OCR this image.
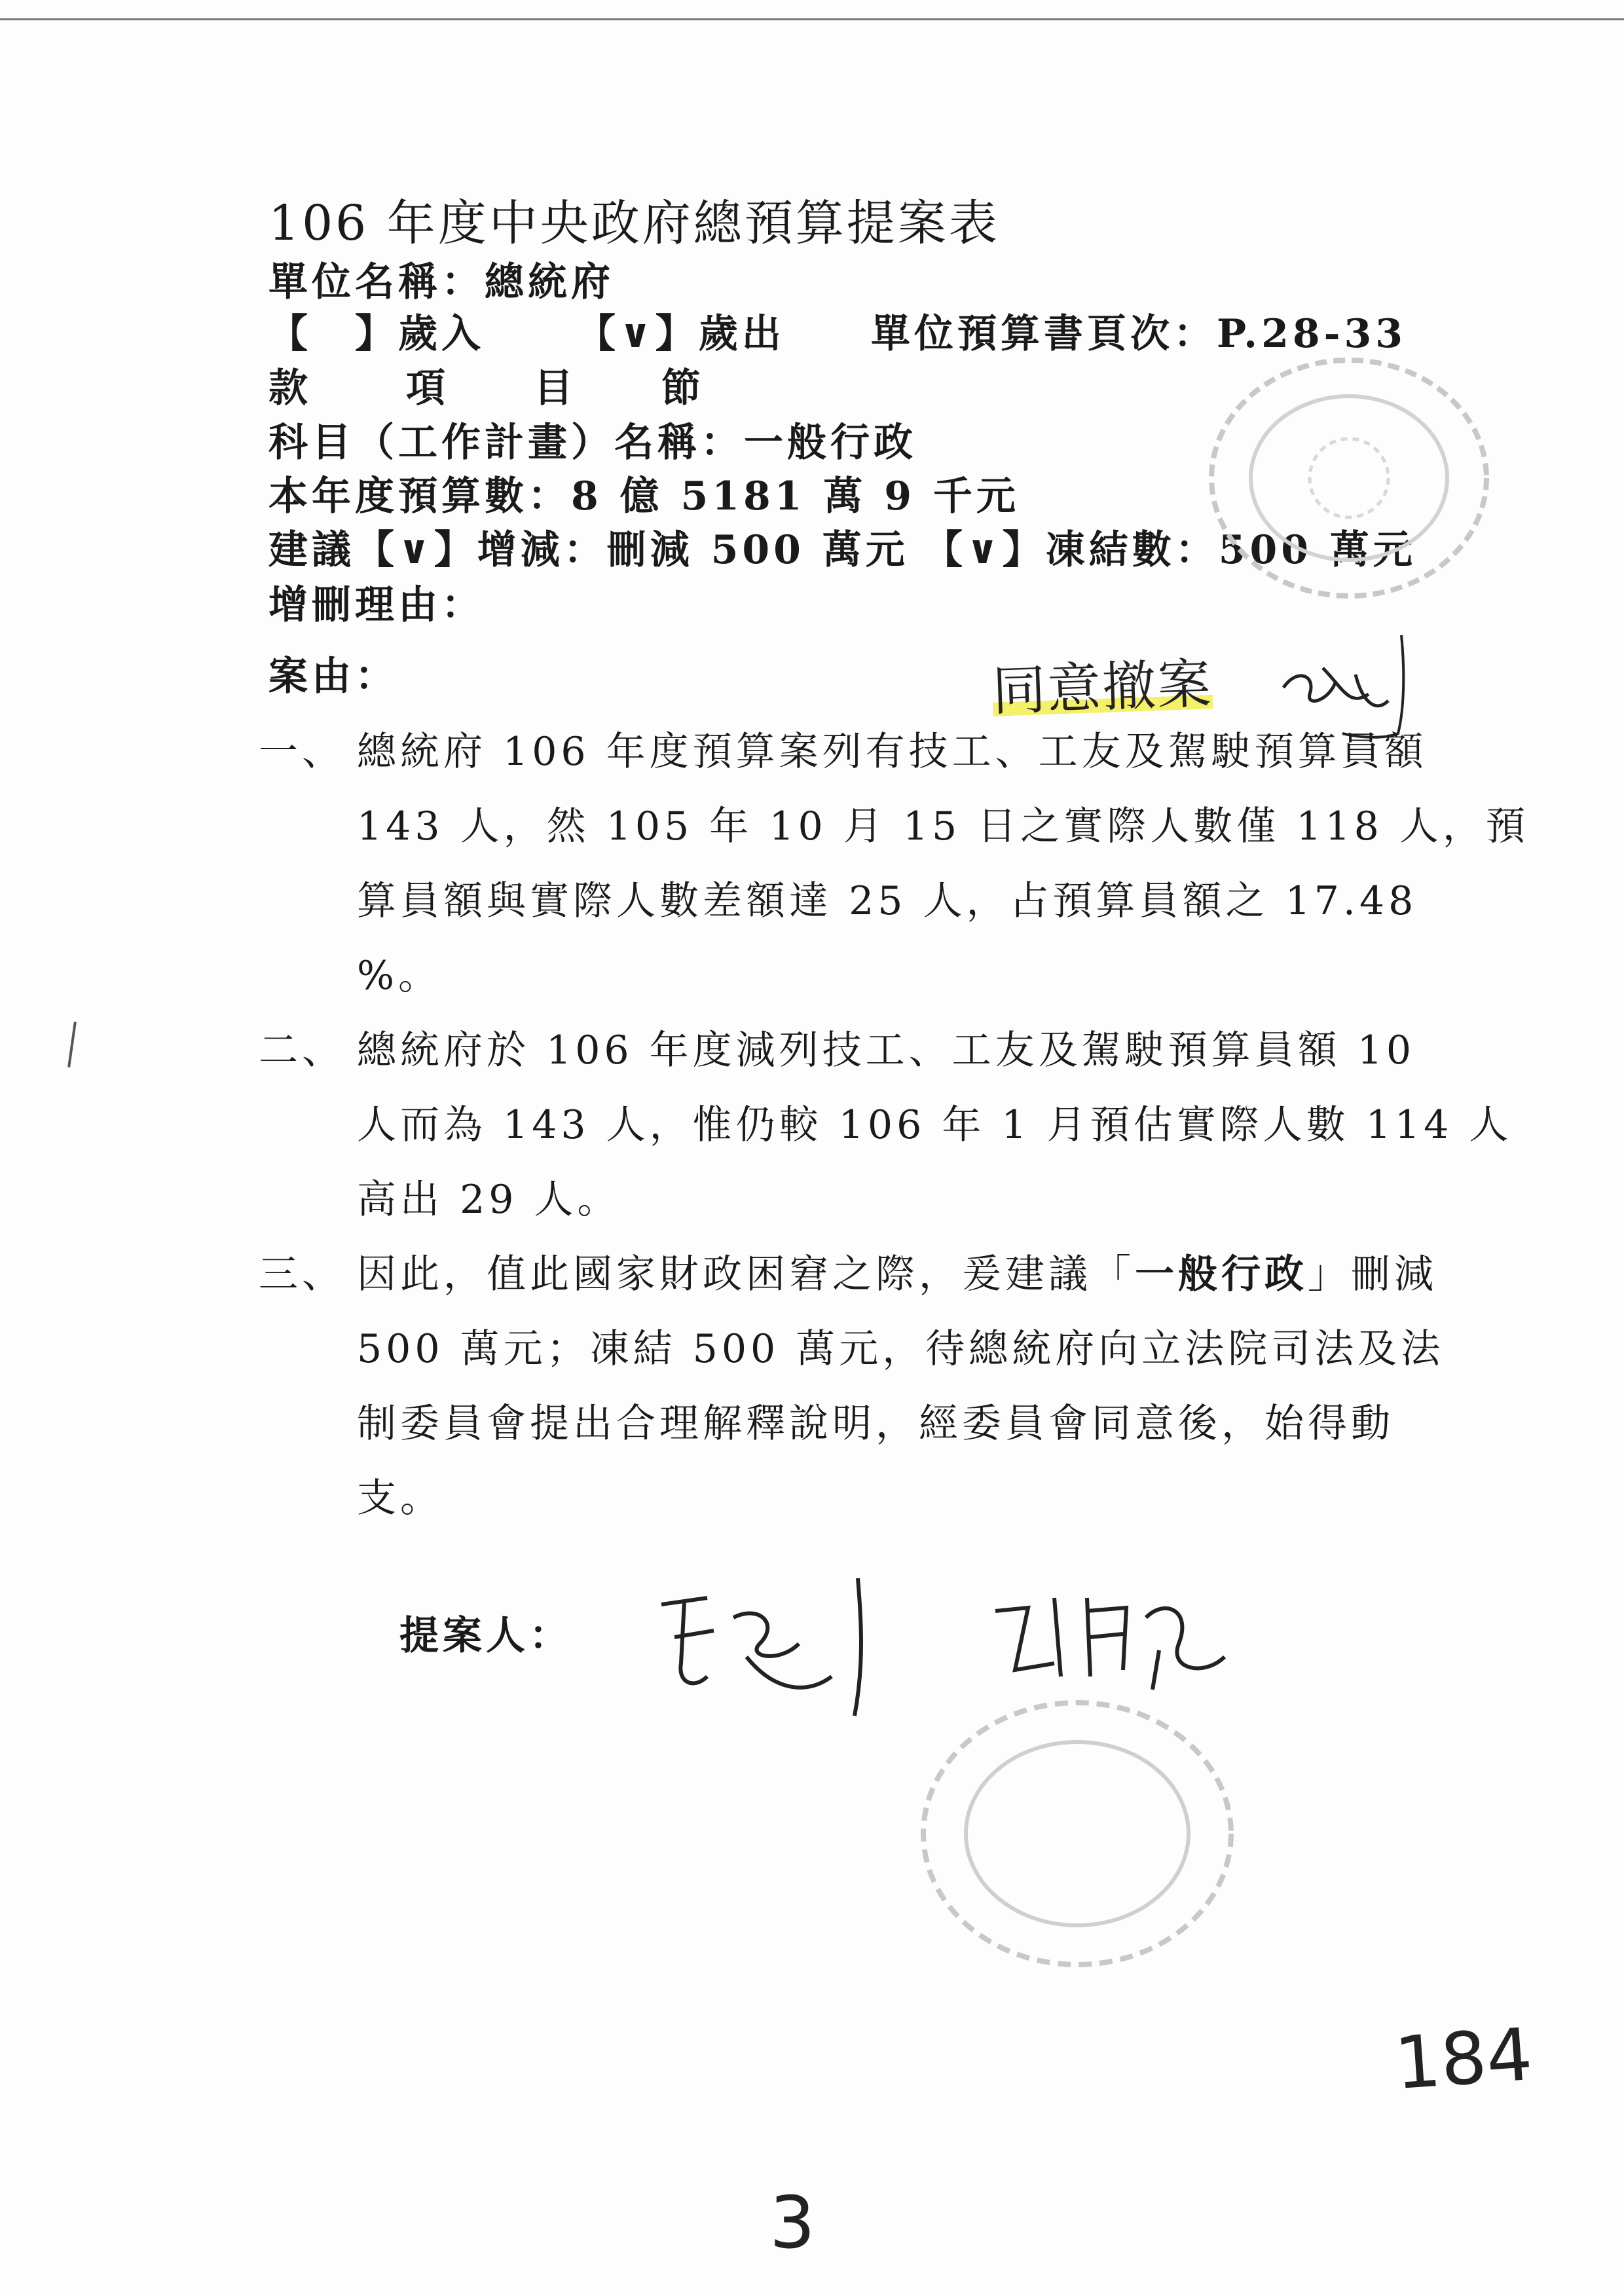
106 年度中央政府總預算提案表
單位名稱：總統府
【　】歲入 【∨】歲出 單位預算書頁次：P.28-33
款 項 目 節
科目（工作計畫）名稱：一般行政
本年度預算數：8 億 5181 萬 9 千元
建議【∨】增減：刪減 500 萬元 【∨】凍結數：500 萬元
增刪理由：
案由：	同意撤案
一、 總統府 106 年度預算案列有技工、工友及駕駛預算員額
143 人，然 105 年 10 月 15 日之實際人數僅 118 人，預
算員額與實際人數差額達 25 人，占預算員額之 17.48
%。
二、 總統府於 106 年度減列技工、工友及駕駛預算員額 10
人而為 143 人，惟仍較 106 年 1 月預估實際人數 114 人
高出 29 人。
三、 因此，值此國家財政困窘之際，爰建議「一般行政」刪減
500 萬元；凍結 500 萬元，待總統府向立法院司法及法
制委員會提出合理解釋說明，經委員會同意後，始得動
支。
提案人：
184
3
